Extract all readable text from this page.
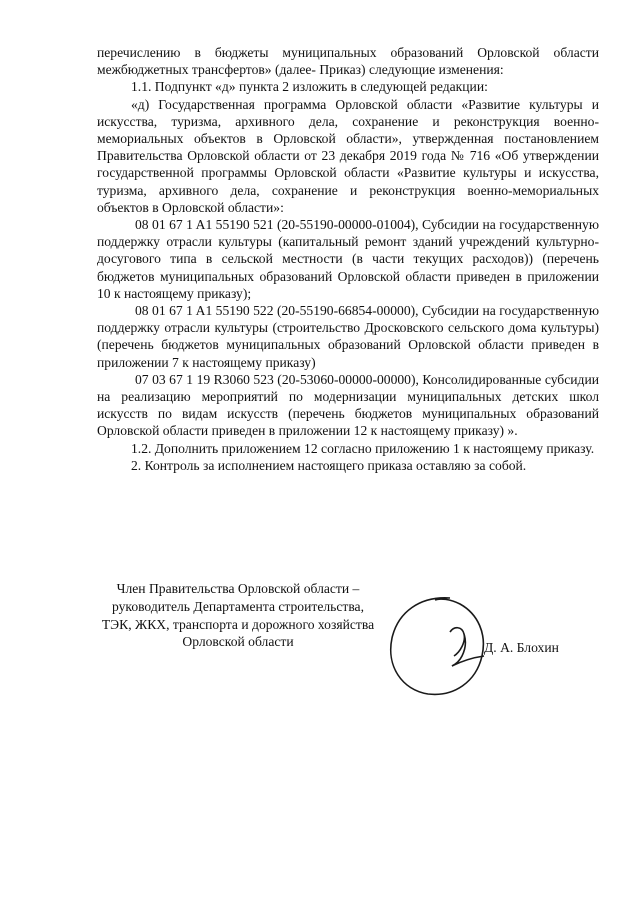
перечислению в бюджеты муниципальных образований Орловской области межбюджетных трансфертов» (далее- Приказ) следующие изменения:

1.1. Подпункт «д» пункта 2 изложить в следующей редакции:

«д) Государственная программа Орловской области «Развитие культуры и искусства, туризма, архивного дела, сохранение и реконструкция военно-мемориальных объектов в Орловской области», утвержденная постановлением Правительства Орловской области от 23 декабря 2019 года № 716 «Об утверждении государственной программы Орловской области «Развитие культуры и искусства, туризма, архивного дела, сохранение и реконструкция военно-мемориальных объектов в Орловской области»:

08 01 67 1 A1 55190 521 (20-55190-00000-01004), Субсидии на государственную поддержку отрасли культуры (капитальный ремонт зданий учреждений культурно-досугового типа в сельской местности (в части текущих расходов)) (перечень бюджетов муниципальных образований Орловской области приведен в приложении 10 к настоящему приказу);

08 01 67 1 A1 55190 522 (20-55190-66854-00000), Субсидии на государственную поддержку отрасли культуры (строительство Дросковского сельского дома культуры) (перечень бюджетов муниципальных образований Орловской области приведен в приложении 7 к настоящему приказу)

07 03 67 1 19 R3060 523 (20-53060-00000-00000), Консолидированные субсидии на реализацию мероприятий по модернизации муниципальных детских школ искусств по видам искусств (перечень бюджетов муниципальных образований Орловской области приведен в приложении 12 к настоящему приказу) ».

1.2. Дополнить приложением 12 согласно приложению 1 к настоящему приказу.

2. Контроль за исполнением настоящего приказа оставляю за собой.

Член Правительства Орловской области –
руководитель Департамента строительства,
ТЭК, ЖКХ, транспорта и дорожного хозяйства
Орловской области	Д. А. Блохин
